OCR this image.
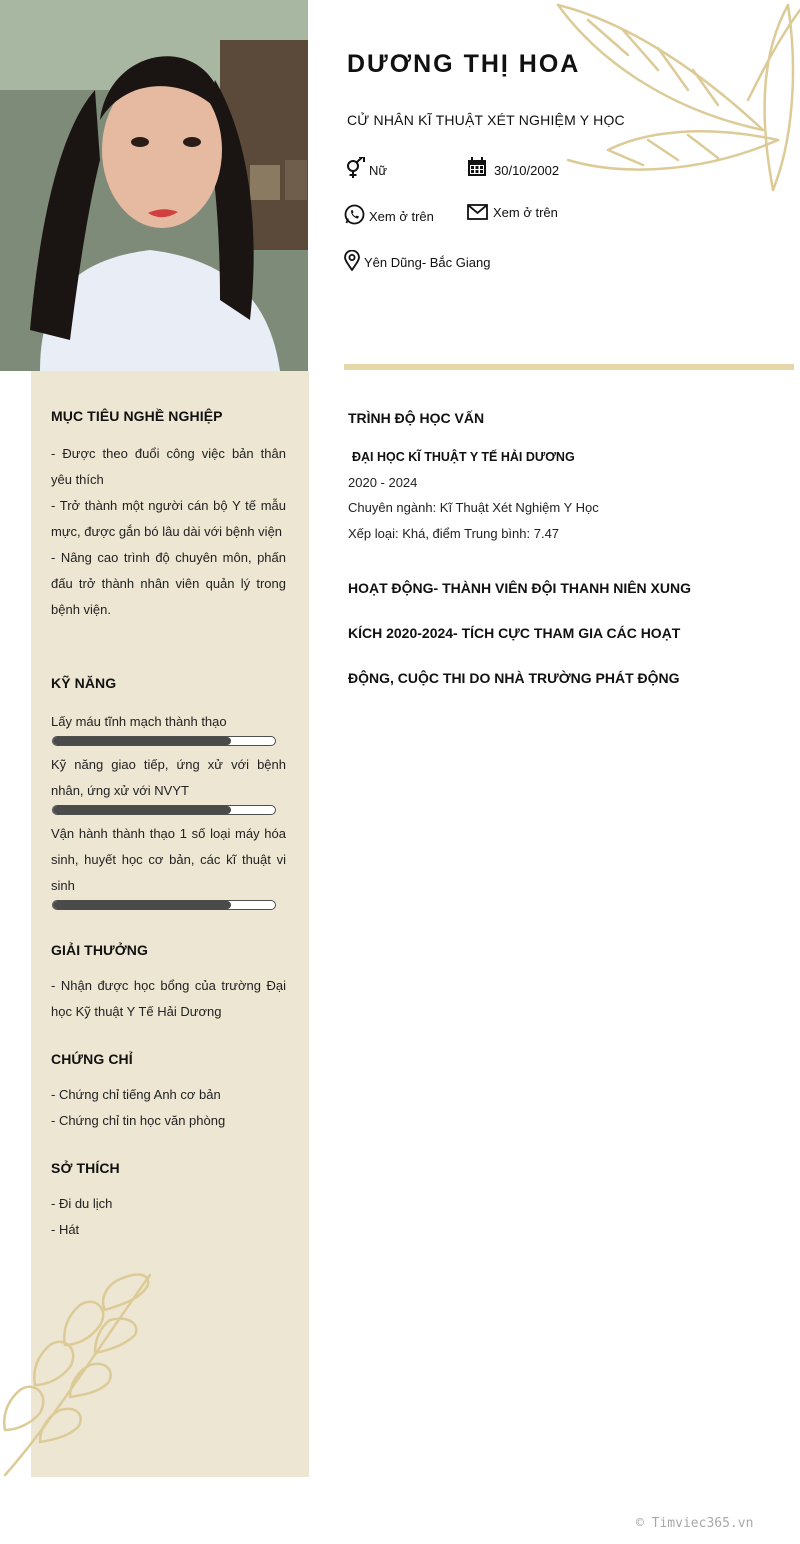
DƯƠNG THỊ HOA
CỬ NHÂN KĨ THUẬT XÉT NGHIỆM Y HỌC
Nữ	30/10/2002
Xem ở trên	Xem ở trên
Yên Dũng- Bắc Giang
MỤC TIÊU NGHỀ NGHIỆP
- Được theo đuổi công việc bản thân yêu thích
- Trở thành một người cán bộ Y tế mẫu mực, được gắn bó lâu dài với bệnh viện
- Nâng cao trình độ chuyên môn, phấn đấu trở thành nhân viên quản lý trong bệnh viện.
KỸ NĂNG
Lấy máu tĩnh mạch thành thạo
Kỹ năng giao tiếp, ứng xử với bệnh nhân, ứng xử với NVYT
Vận hành thành thạo 1 số loại máy hóa sinh, huyết học cơ bản, các kĩ thuật vi sinh
GIẢI THƯỞNG
- Nhận được học bổng của trường Đại học Kỹ thuật Y Tế Hải Dương
CHỨNG CHỈ
- Chứng chỉ tiếng Anh cơ bản
- Chứng chỉ tin học văn phòng
SỞ THÍCH
- Đi du lịch
- Hát
TRÌNH ĐỘ HỌC VẤN
ĐẠI HỌC KĨ THUẬT Y TẾ HẢI DƯƠNG
2020 - 2024
Chuyên ngành: Kĩ Thuật Xét Nghiệm Y Học
Xếp loại: Khá, điểm Trung bình: 7.47
HOẠT ĐỘNG- THÀNH VIÊN ĐỘI THANH NIÊN XUNG
KÍCH 2020-2024- TÍCH CỰC THAM GIA CÁC HOẠT
ĐỘNG, CUỘC THI DO NHÀ TRƯỜNG PHÁT ĐỘNG
© Timviec365.vn
